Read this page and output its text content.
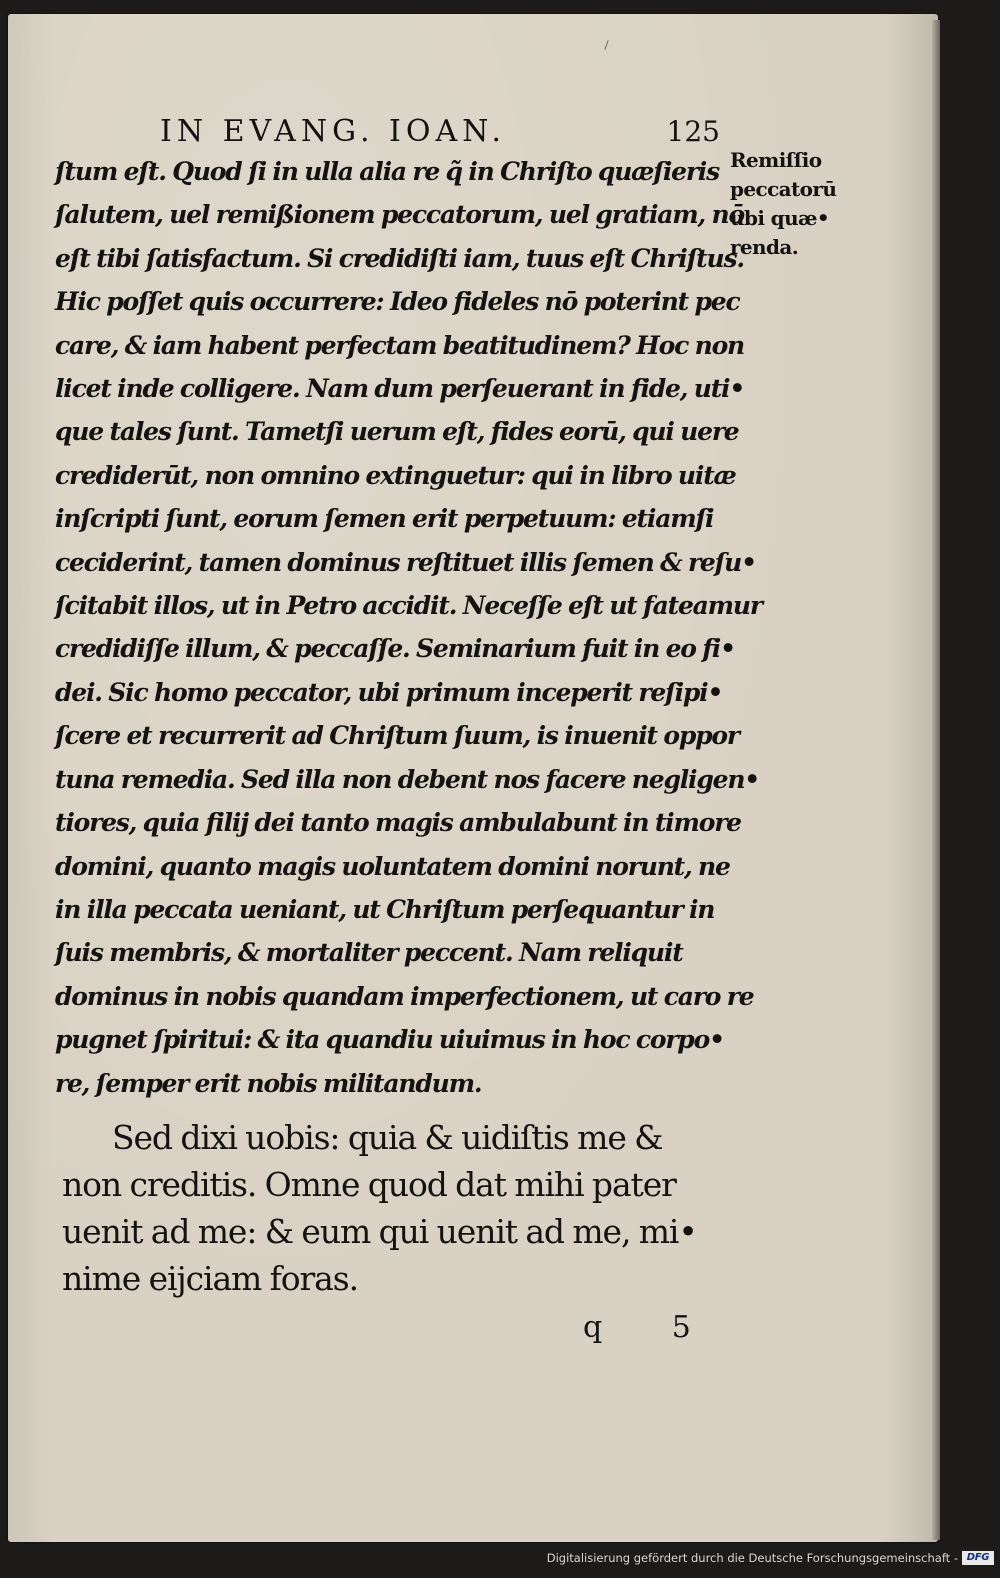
IN EVANG. IOAN.	125
Remiſſio
peccatorū
ubi quæ•
renda.
ſtum eſt. Quod ſi in ulla alia re q̃ in Chriſto quæſieris
ſalutem, uel remißionem peccatorum, uel gratiam, nō
eſt tibi ſatisfactum. Si credidiſti iam, tuus eſt Chriſtus.
Hic poſſet quis occurrere: Ideo fideles nō poterint pec
care, & iam habent perfectam beatitudinem? Hoc non
licet inde colligere. Nam dum perſeuerant in fide, uti•
que tales ſunt. Tametſi uerum eſt, fides eorū, qui uere
crediderūt, non omnino extinguetur: qui in libro uitæ
inſcripti ſunt, eorum ſemen erit perpetuum: etiamſi
ceciderint, tamen dominus reſtituet illis ſemen & reſu•
ſcitabit illos, ut in Petro accidit. Neceſſe eſt ut fateamur
credidiſſe illum, & peccaſſe. Seminarium fuit in eo fi•
dei. Sic homo peccator, ubi primum inceperit reſipi•
ſcere et recurrerit ad Chriſtum ſuum, is inuenit oppor
tuna remedia. Sed illa non debent nos facere negligen•
tiores, quia filij dei tanto magis ambulabunt in timore
domini, quanto magis uoluntatem domini norunt, ne
in illa peccata ueniant, ut Chriſtum perſequantur in
ſuis membris, & mortaliter peccent. Nam reliquit
dominus in nobis quandam imperfectionem, ut caro re
pugnet ſpiritui: & ita quandiu uiuimus in hoc corpo•
re, ſemper erit nobis militandum.
Sed dixi uobis: quia & uidiſtis me &
non creditis. Omne quod dat mihi pater
uenit ad me: & eum qui uenit ad me, mi•
nime eijciam foras.
q 5
Digitalisierung gefördert durch die Deutsche Forschungsgemeinschaft - DFG
